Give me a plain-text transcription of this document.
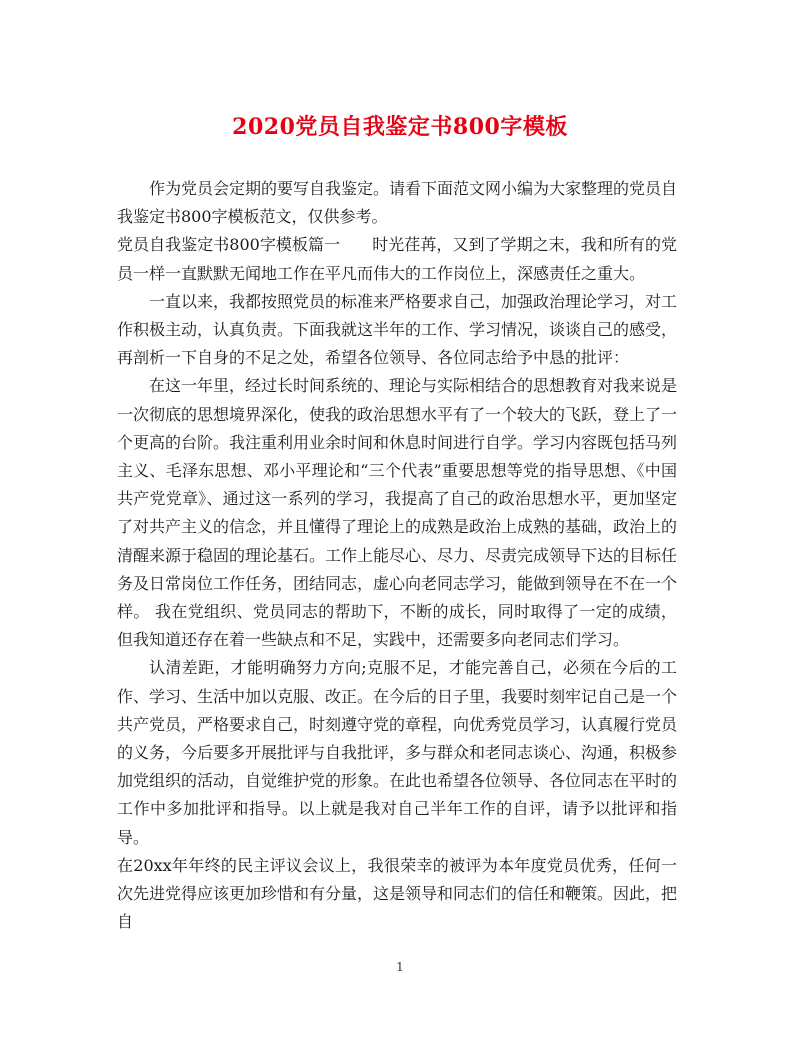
2020党员自我鉴定书800字模板

作为党员会定期的要写自我鉴定。请看下面范文网小编为大家整理的党员自我鉴定书800字模板范文，仅供参考。

党员自我鉴定书800字模板篇一　　时光荏苒，又到了学期之末，我和所有的党员一样一直默默无闻地工作在平凡而伟大的工作岗位上，深感责任之重大。

一直以来，我都按照党员的标准来严格要求自己，加强政治理论学习，对工作积极主动，认真负责。下面我就这半年的工作、学习情况，谈谈自己的感受，再剖析一下自身的不足之处，希望各位领导、各位同志给予中恳的批评：

在这一年里，经过长时间系统的、理论与实际相结合的思想教育对我来说是一次彻底的思想境界深化，使我的政治思想水平有了一个较大的飞跃，登上了一个更高的台阶。我注重利用业余时间和休息时间进行自学。学习内容既包括马列主义、毛泽东思想、邓小平理论和“三个代表”重要思想等党的指导思想、《中国共产党党章》、通过这一系列的学习，我提高了自己的政治思想水平，更加坚定了对共产主义的信念，并且懂得了理论上的成熟是政治上成熟的基础，政治上的清醒来源于稳固的理论基石。工作上能尽心、尽力、尽责完成领导下达的目标任务及日常岗位工作任务，团结同志，虚心向老同志学习，能做到领导在不在一个样。 我在党组织、党员同志的帮助下，不断的成长，同时取得了一定的成绩，但我知道还存在着一些缺点和不足，实践中，还需要多向老同志们学习。

认清差距，才能明确努力方向;克服不足，才能完善自己，必须在今后的工作、学习、生活中加以克服、改正。在今后的日子里，我要时刻牢记自己是一个共产党员，严格要求自己，时刻遵守党的章程，向优秀党员学习，认真履行党员的义务，今后要多开展批评与自我批评，多与群众和老同志谈心、沟通，积极参加党组织的活动，自觉维护党的形象。在此也希望各位领导、各位同志在平时的工作中多加批评和指导。以上就是我对自己半年工作的自评，请予以批评和指导。

在20xx年年终的民主评议会议上，我很荣幸的被评为本年度党员优秀，任何一次先进党得应该更加珍惜和有分量，这是领导和同志们的信任和鞭策。因此，把自

1
